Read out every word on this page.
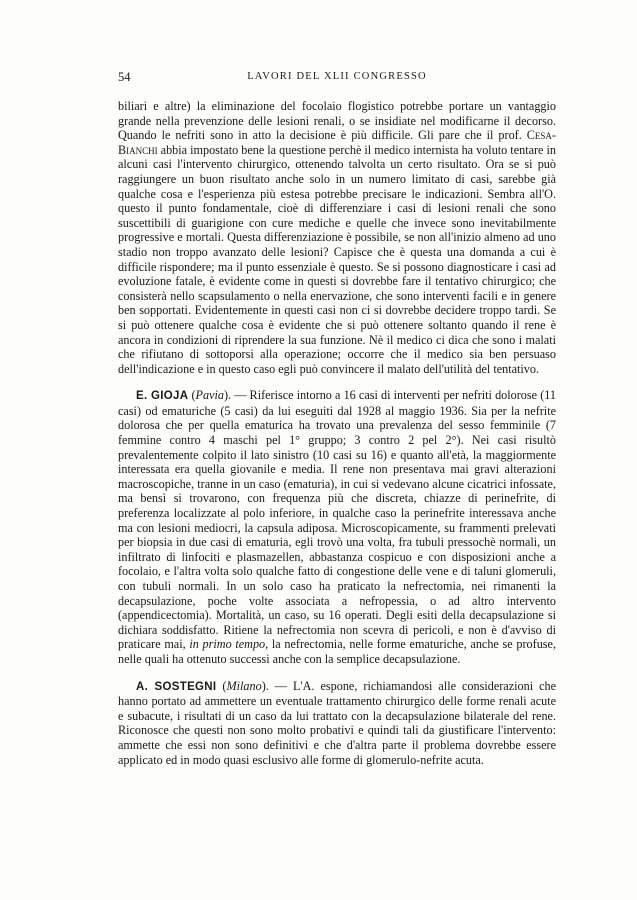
54	LAVORI DEL XLII CONGRESSO

biliari e altre) la eliminazione del focolaio flogistico potrebbe portare un vantaggio grande nella prevenzione delle lesioni renali, o se insidiate nel modificarne il decorso. Quando le nefriti sono in atto la decisione è più difficile. Gli pare che il prof. Cesa-Bianchi abbia impostato bene la questione perchè il medico internista ha voluto tentare in alcuni casi l'intervento chirurgico, ottenendo talvolta un certo risultato. Ora se si può raggiungere un buon risultato anche solo in un numero limitato di casi, sarebbe già qualche cosa e l'esperienza più estesa potrebbe precisare le indicazioni. Sembra all'O. questo il punto fondamentale, cioè di differenziare i casi di lesioni renali che sono suscettibili di guarigione con cure mediche e quelle che invece sono inevitabilmente progressive e mortali. Questa differenziazione è possibile, se non all'inizio almeno ad uno stadio non troppo avanzato delle lesioni? Capisce che è questa una domanda a cui è difficile rispondere; ma il punto essenziale è questo. Se si possono diagnosticare i casi ad evoluzione fatale, è evidente come in questi si dovrebbe fare il tentativo chirurgico; che consisterà nello scapsulamento o nella enervazione, che sono interventi facili e in genere ben sopportati. Evidentemente in questi casi non ci si dovrebbe decidere troppo tardi. Se si può ottenere qualche cosa è evidente che si può ottenere soltanto quando il rene è ancora in condizioni di riprendere la sua funzione. Nè il medico ci dica che sono i malati che rifiutano di sottoporsi alla operazione; occorre che il medico sia ben persuaso dell'indicazione e in questo caso egli può convincere il malato dell'utilità del tentativo.

E. GIOJA (Pavia). — Riferisce intorno a 16 casi di interventi per nefriti dolorose (11 casi) od ematuriche (5 casi) da lui eseguiti dal 1928 al maggio 1936. Sia per la nefrite dolorosa che per quella ematurica ha trovato una prevalenza del sesso femminile (7 femmine contro 4 maschi pel 1° gruppo; 3 contro 2 pel 2°). Nei casi risultò prevalentemente colpito il lato sinistro (10 casi su 16) e quanto all'età, la maggiormente interessata era quella giovanile e media. Il rene non presentava mai gravi alterazioni macroscopiche, tranne in un caso (ematuria), in cui si vedevano alcune cicatrici infossate, ma bensì si trovarono, con frequenza più che discreta, chiazze di perinefrite, di preferenza localizzate al polo inferiore, in qualche caso la perinefrite interessava anche ma con lesioni mediocri, la capsula adiposa. Microscopicamente, su frammenti prelevati per biopsia in due casi di ematuria, egli trovò una volta, fra tubuli pressochè normali, un infiltrato di linfociti e plasmazellen, abbastanza cospicuo e con disposizioni anche a focolaio, e l'altra volta solo qualche fatto di congestione delle vene e di taluni glomeruli, con tubuli normali. In un solo caso ha praticato la nefrectomia, nei rimanenti la decapsulazione, poche volte associata a nefropessia, o ad altro intervento (appendicectomia). Mortalità, un caso, su 16 operati. Degli esiti della decapsulazione si dichiara soddisfatto. Ritiene la nefrectomia non scevra di pericoli, e non è d'avviso di praticare mai, in primo tempo, la nefrectomia, nelle forme ematuriche, anche se profuse, nelle quali ha ottenuto successi anche con la semplice decapsulazione.

A. SOSTEGNI (Milano). — L'A. espone, richiamandosi alle considerazioni che hanno portato ad ammettere un eventuale trattamento chirurgico delle forme renali acute e subacute, i risultati di un caso da lui trattato con la decapsulazione bilaterale del rene. Riconosce che questi non sono molto probativi e quindi tali da giustificare l'intervento: ammette che essi non sono definitivi e che d'altra parte il problema dovrebbe essere applicato ed in modo quasi esclusivo alle forme di glomerulo-nefrite acuta.
